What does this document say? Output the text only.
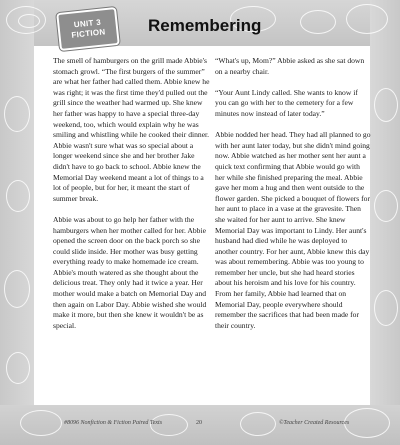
UNIT 3
FICTION Remembering

The smell of hamburgers on the grill made Abbie's stomach growl. “The first burgers of the summer” are what her father had called them. Abbie knew he was right; it was the first time they'd pulled out the grill since the weather had warmed up. She knew her father was happy to have a special three-day weekend, too, which would explain why he was smiling and whistling while he cooked their dinner. Abbie wasn't sure what was so special about a longer weekend since she and her brother Jake didn't have to go back to school. Abbie knew the Memorial Day weekend meant a lot of things to a lot of people, but for her, it meant the start of summer break.

Abbie was about to go help her father with the hamburgers when her mother called for her. Abbie opened the screen door on the back porch so she could slide inside. Her mother was busy getting everything ready to make homemade ice cream. Abbie's mouth watered as she thought about the delicious treat. They only had it twice a year. Her mother would make a batch on Memorial Day and then again on Labor Day. Abbie wished she would make it more, but then she knew it wouldn't be as special.

“What's up, Mom?” Abbie asked as she sat down on a nearby chair.

“Your Aunt Lindy called. She wants to know if you can go with her to the cemetery for a few minutes now instead of later today.”

Abbie nodded her head. They had all planned to go with her aunt later today, but she didn't mind going now. Abbie watched as her mother sent her aunt a quick text confirming that Abbie would go with her while she finished preparing the meal. Abbie gave her mom a hug and then went outside to the flower garden. She picked a bouquet of flowers for her aunt to place in a vase at the gravesite. Then she waited for her aunt to arrive. She knew Memorial Day was important to Lindy. Her aunt's husband had died while he was deployed to another country. For her aunt, Abbie knew this day was about remembering. Abbie was too young to remember her uncle, but she had heard stories about his heroism and his love for his country. From her family, Abbie had learned that on Memorial Day, people everywhere should remember the sacrifices that had been made for their country.

#8096 Nonfiction & Fiction Paired Texts	20	©Teacher Created Resources
